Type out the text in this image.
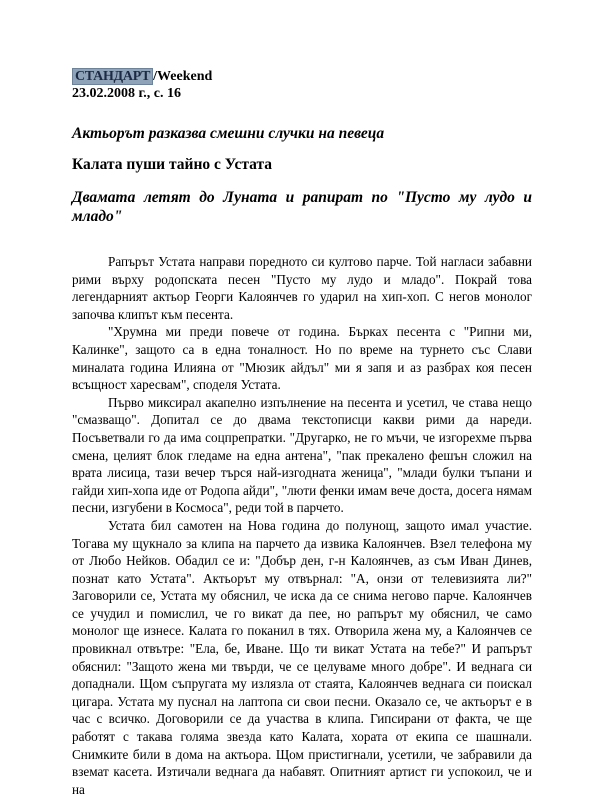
СТАНДАРТ /Weekend
23.02.2008 г., с. 16
Актьорът разказва смешни случки на певеца
Калата пуши тайно с Устата
Двамата летят до Луната и рапират по "Пусто му лудо и младо"

Рапърът Устата направи поредното си култово парче. Той нагласи забавни рими върху родопската песен "Пусто му лудо и младо". Покрай това легендарният актьор Георги Калоянчев го ударил на хип-хоп. С негов монолог започва клипът към песента.

"Хрумна ми преди повече от година. Бърках песента с "Рипни ми, Калинке", защото са в една тоналност. Но по време на турнето със Слави миналата година Илияна от "Мюзик айдъл" ми я запя и аз разбрах коя песен всъщност харесвам", споделя Устата.

Първо миксирал акапелно изпълнение на песента и усетил, че става нещо "смазващо". Допитал се до двама текстописци какви рими да нареди. Посъветвали го да има соцпрепратки. "Другарко, не го мъчи, че изгорехме първа смена, целият блок гледаме на една антена", "пак прекалено фешън сложил на врата лисица, тази вечер търся най-изгодната женица", "млади булки тъпани и гайди хип-хопа иде от Родопа айди", "люти фенки имам вече доста, досега нямам песни, изгубени в Космоса", реди той в парчето.

Устата бил самотен на Нова година до полунощ, защото имал участие. Тогава му щукнало за клипа на парчето да извика Калоянчев. Взел телефона му от Любо Нейков. Обадил се и: "Добър ден, г-н Калоянчев, аз съм Иван Динев, познат като Устата". Актьорът му отвърнал: "А, онзи от телевизията ли?" Заговорили се, Устата му обяснил, че иска да се снима негово парче. Калоянчев се учудил и помислил, че го викат да пее, но рапърът му обяснил, че само монолог ще изнесе. Калата го поканил в тях. Отворила жена му, а Калоянчев се провикнал отвътре: "Ела, бе, Иване. Що ти викат Устата на тебе?" И рапърът обяснил: "Защото жена ми твърди, че се целуваме много добре". И веднага си допаднали. Щом съпругата му излязла от стаята, Калоянчев веднага си поискал цигара. Устата му пуснал на лаптопа си свои песни. Оказало се, че актьорът е в час с всичко. Договорили се да участва в клипа. Гипсирани от факта, че ще работят с такава голяма звезда като Калата, хората от екипа се шашнали. Снимките били в дома на актьора. Щом пристигнали, усетили, че забравили да вземат касета. Изтичали веднага да набавят. Опитният артист ги успокоил, че и на
